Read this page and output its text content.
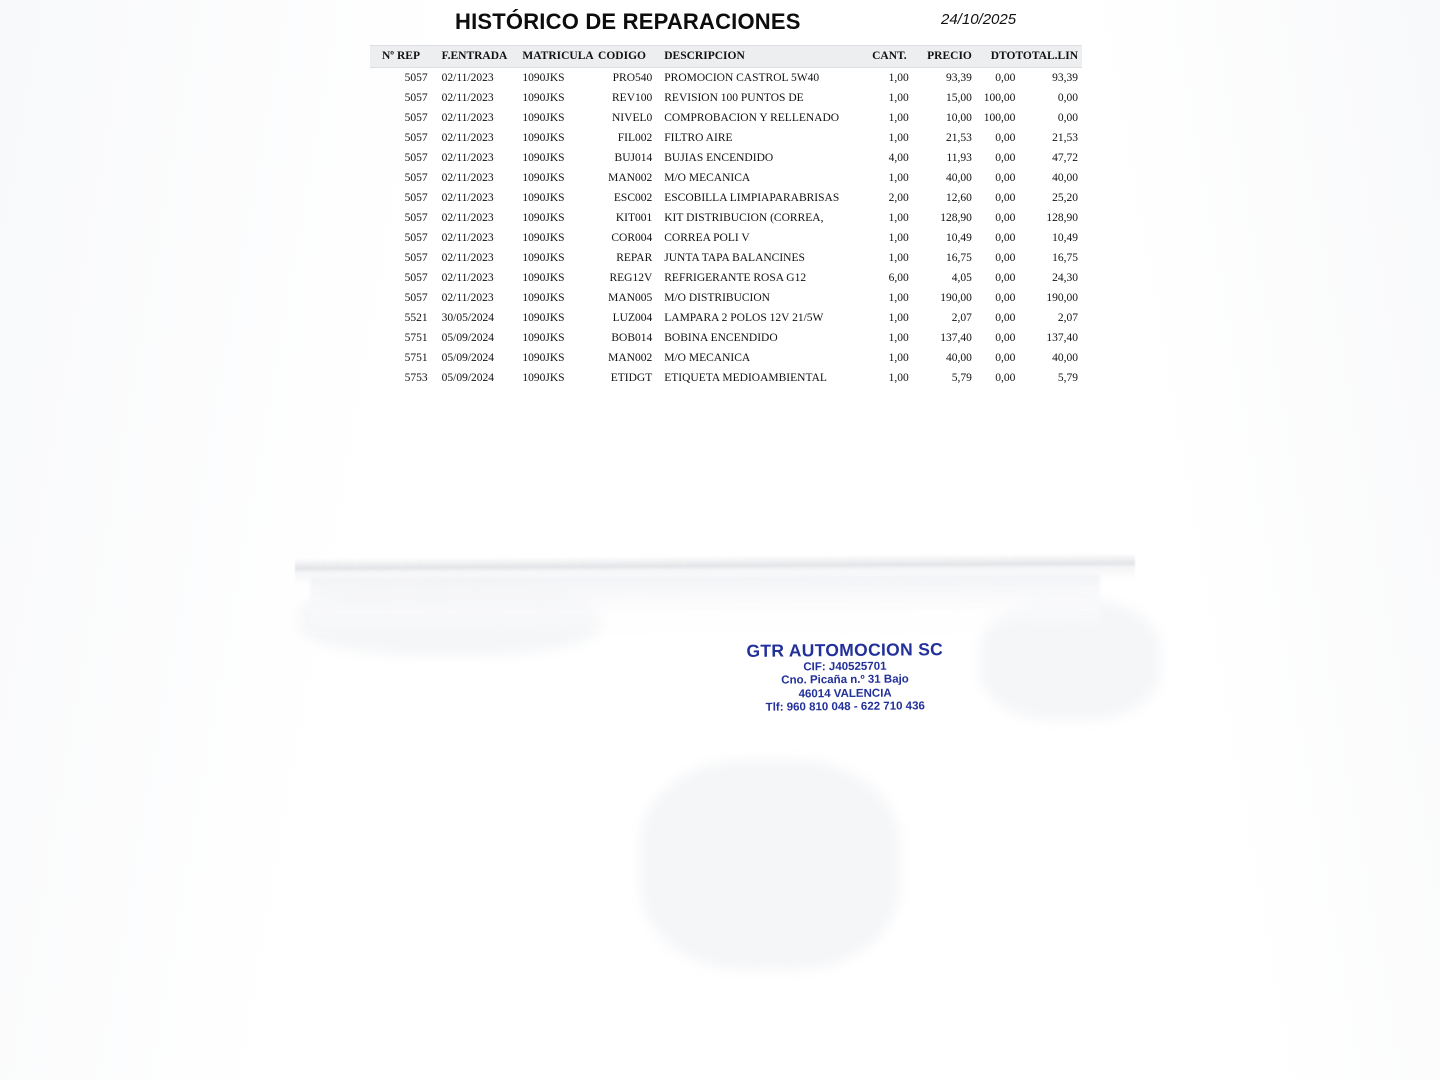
HISTÓRICO DE REPARACIONES	24/10/2025
Nº REP	F.ENTRADA	MATRICULA	CODIGO	DESCRIPCION	CANT.	PRECIO	DTO	TOTAL.LIN
5057	02/11/2023	1090JKS	PRO540	PROMOCION CASTROL 5W40	1,00	93,39	0,00	93,39
5057	02/11/2023	1090JKS	REV100	REVISION 100 PUNTOS DE	1,00	15,00	100,00	0,00
5057	02/11/2023	1090JKS	NIVEL0	COMPROBACION Y RELLENADO	1,00	10,00	100,00	0,00
5057	02/11/2023	1090JKS	FIL002	FILTRO AIRE	1,00	21,53	0,00	21,53
5057	02/11/2023	1090JKS	BUJ014	BUJIAS ENCENDIDO	4,00	11,93	0,00	47,72
5057	02/11/2023	1090JKS	MAN002	M/O MECANICA	1,00	40,00	0,00	40,00
5057	02/11/2023	1090JKS	ESC002	ESCOBILLA LIMPIAPARABRISAS	2,00	12,60	0,00	25,20
5057	02/11/2023	1090JKS	KIT001	KIT DISTRIBUCION (CORREA,	1,00	128,90	0,00	128,90
5057	02/11/2023	1090JKS	COR004	CORREA POLI V	1,00	10,49	0,00	10,49
5057	02/11/2023	1090JKS	REPAR	JUNTA TAPA BALANCINES	1,00	16,75	0,00	16,75
5057	02/11/2023	1090JKS	REG12V	REFRIGERANTE ROSA G12	6,00	4,05	0,00	24,30
5057	02/11/2023	1090JKS	MAN005	M/O DISTRIBUCION	1,00	190,00	0,00	190,00
5521	30/05/2024	1090JKS	LUZ004	LAMPARA 2 POLOS 12V 21/5W	1,00	2,07	0,00	2,07
5751	05/09/2024	1090JKS	BOB014	BOBINA ENCENDIDO	1,00	137,40	0,00	137,40
5751	05/09/2024	1090JKS	MAN002	M/O MECANICA	1,00	40,00	0,00	40,00
5753	05/09/2024	1090JKS	ETIDGT	ETIQUETA MEDIOAMBIENTAL	1,00	5,79	0,00	5,79
GTR AUTOMOCION SC
CIF: J40525701
Cno. Picaña n.º 31 Bajo
46014 VALENCIA
Tlf: 960 810 048 - 622 710 436
